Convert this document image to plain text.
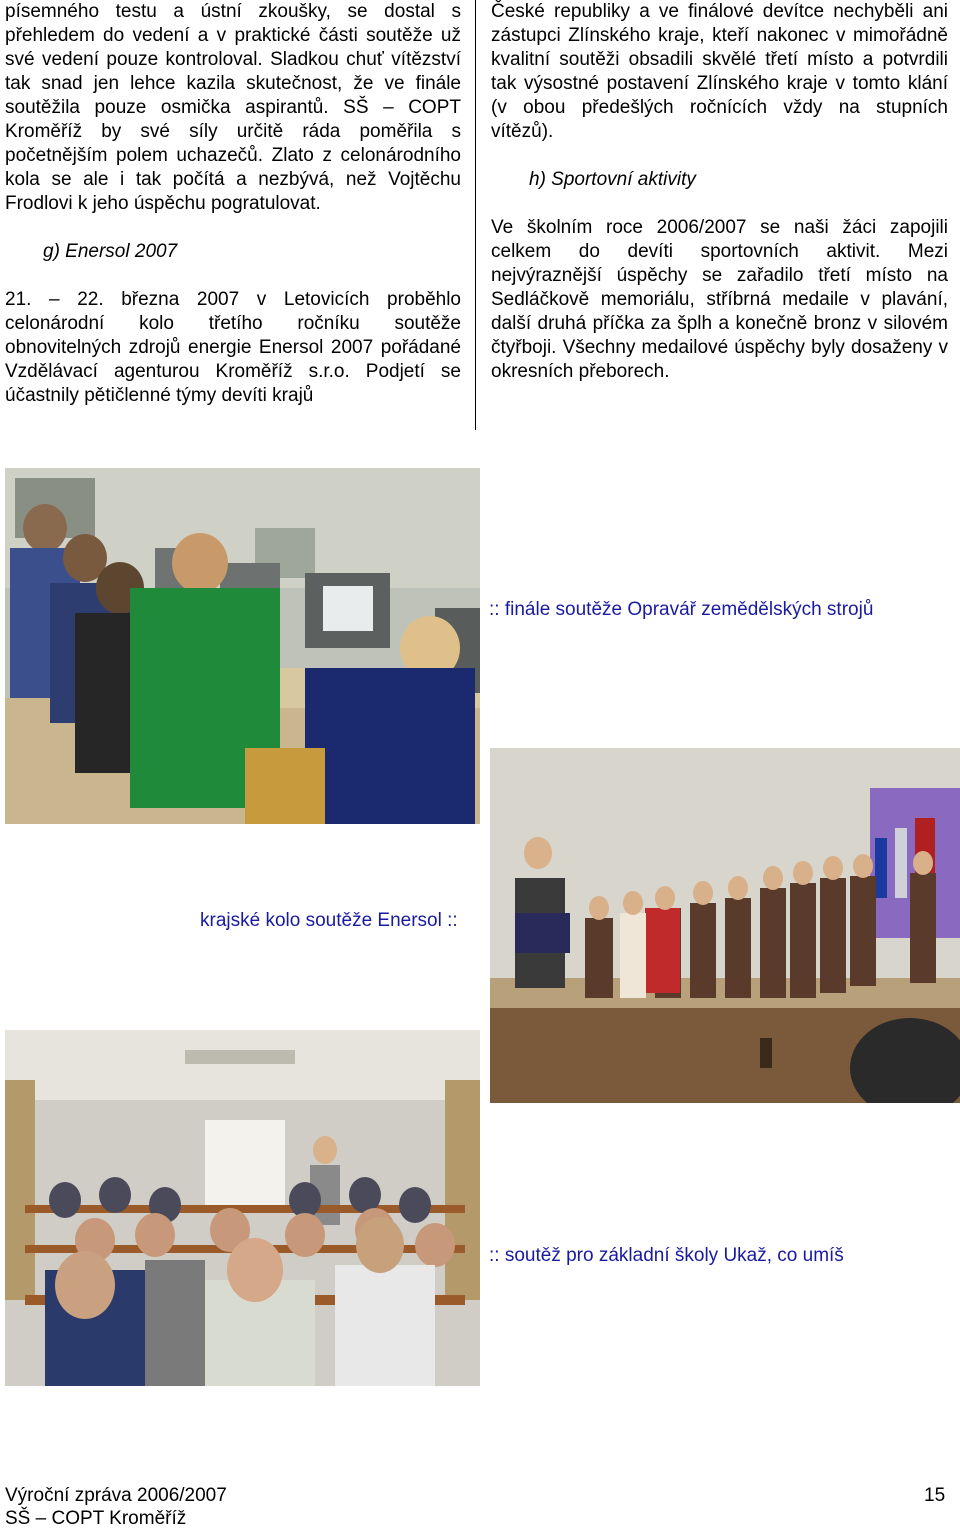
písemného testu a ústní zkoušky, se dostal s přehledem do vedení a v praktické části soutěže už své vedení pouze kontroloval. Sladkou chuť vítězství tak snad jen lehce kazila skutečnost, že ve finále soutěžila pouze osmička aspirantů. SŠ – COPT Kroměříž by své síly určitě ráda poměřila s početnějším polem uchazečů. Zlato z celonárodního kola se ale i tak počítá a nezbývá, než Vojtěchu Frodlovi k jeho úspěchu pogratulovat.

g) Enersol 2007

21. – 22. března 2007 v Letovicích proběhlo celonárodní kolo třetího ročníku soutěže obnovitelných zdrojů energie Enersol 2007 pořádané Vzdělávací agenturou Kroměříž s.r.o. Podjetí se účastnily pětičlenné týmy devíti krajů

České republiky a ve finálové devítce nechyběli ani zástupci Zlínského kraje, kteří nakonec v mimořádně kvalitní soutěži obsadili skvělé třetí místo a potvrdili tak výsostné postavení Zlínského kraje v tomto klání (v obou předešlých ročnících vždy na stupních vítězů).

h) Sportovní aktivity

Ve školním roce 2006/2007 se naši žáci zapojili celkem do devíti sportovních aktivit. Mezi nejvýraznější úspěchy se zařadilo třetí místo na Sedláčkově memoriálu, stříbrná medaile v plavání, další druhá příčka za šplh a konečně bronz v silovém čtyřboji. Všechny medailové úspěchy byly dosaženy v okresních přeborech.

:: finále soutěže Opravář zemědělských strojů
krajské kolo soutěže Enersol ::
:: soutěž pro základní školy Ukaž, co umíš
Výroční zpráva 2006/2007
SŠ – COPT Kroměříž
15
